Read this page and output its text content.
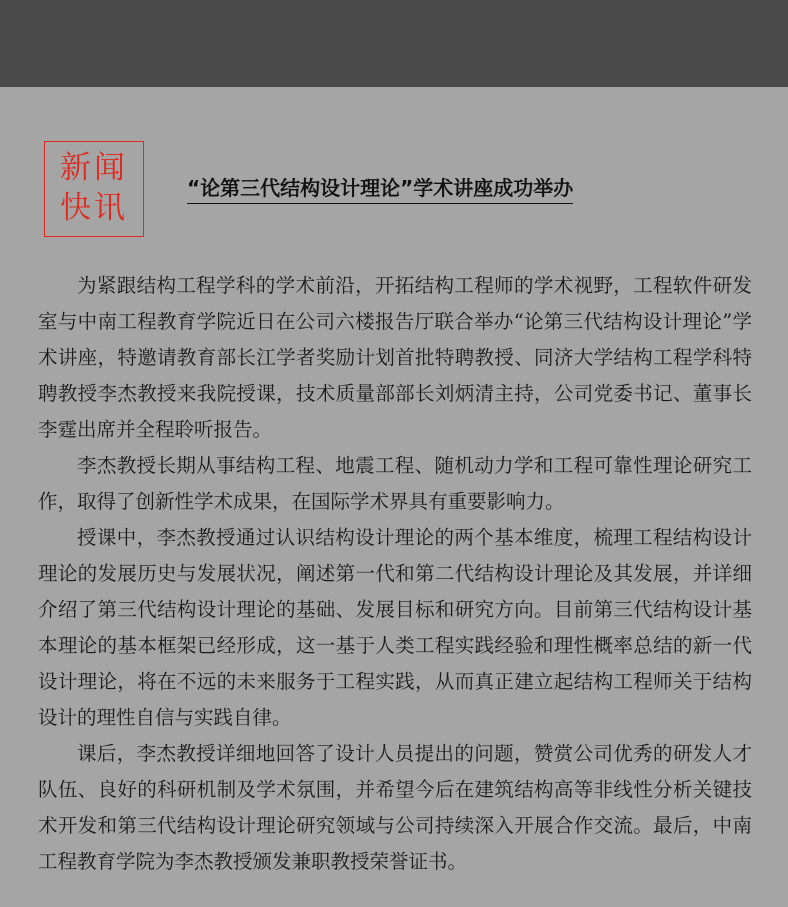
新闻
快讯
“论第三代结构设计理论”学术讲座成功举办

为紧跟结构工程学科的学术前沿，开拓结构工程师的学术视野，工程软件研发室与中南工程教育学院近日在公司六楼报告厅联合举办“论第三代结构设计理论”学术讲座，特邀请教育部长江学者奖励计划首批特聘教授、同济大学结构工程学科特聘教授李杰教授来我院授课，技术质量部部长刘炳清主持，公司党委书记、董事长李霆出席并全程聆听报告。

李杰教授长期从事结构工程、地震工程、随机动力学和工程可靠性理论研究工作，取得了创新性学术成果，在国际学术界具有重要影响力。

授课中，李杰教授通过认识结构设计理论的两个基本维度，梳理工程结构设计理论的发展历史与发展状况，阐述第一代和第二代结构设计理论及其发展，并详细介绍了第三代结构设计理论的基础、发展目标和研究方向。目前第三代结构设计基本理论的基本框架已经形成，这一基于人类工程实践经验和理性概率总结的新一代设计理论，将在不远的未来服务于工程实践，从而真正建立起结构工程师关于结构设计的理性自信与实践自律。

课后，李杰教授详细地回答了设计人员提出的问题，赞赏公司优秀的研发人才队伍、良好的科研机制及学术氛围，并希望今后在建筑结构高等非线性分析关键技术开发和第三代结构设计理论研究领域与公司持续深入开展合作交流。最后，中南工程教育学院为李杰教授颁发兼职教授荣誉证书。
